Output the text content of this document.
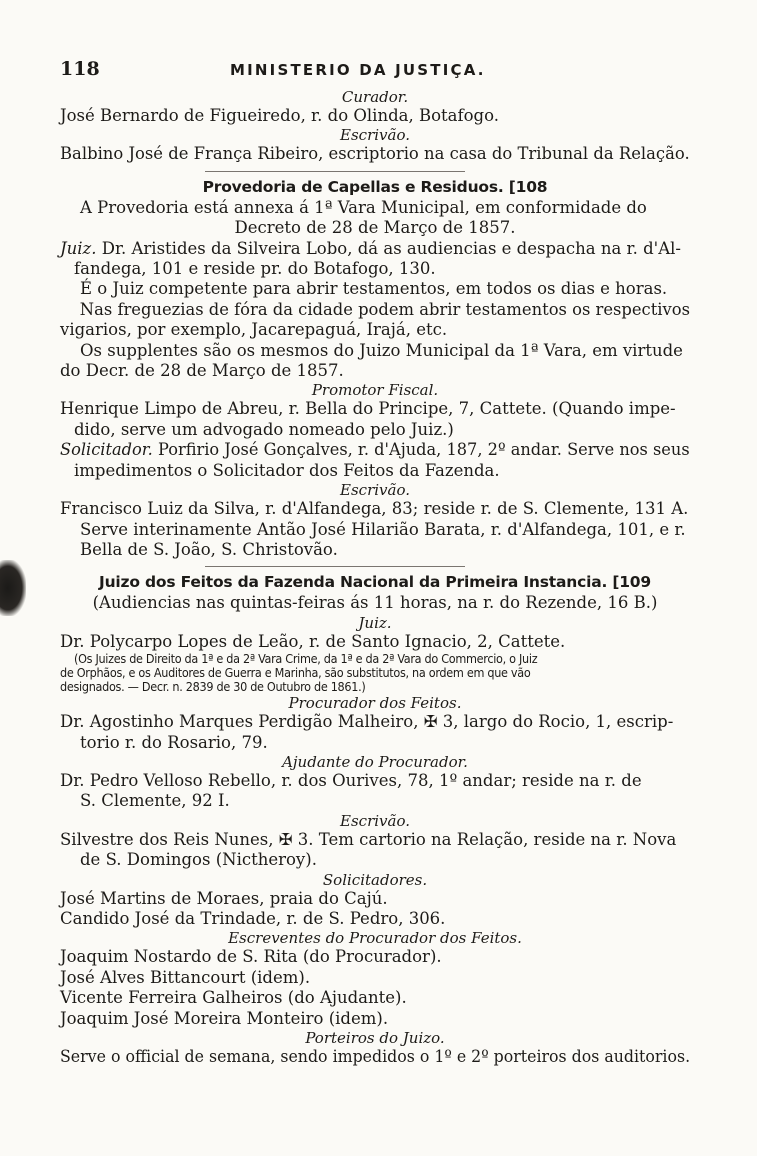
118	MINISTERIO DA JUSTIÇA.
Curador.
José Bernardo de Figueiredo, r. do Olinda, Botafogo.
Escrivão.
Balbino José de França Ribeiro, escriptorio na casa do Tribunal da Relação.
Provedoria de Capellas e Residuos. [108
A Provedoria está annexa á 1ª Vara Municipal, em conformidade do
Decreto de 28 de Março de 1857.
Juiz. Dr. Aristides da Silveira Lobo, dá as audiencias e despacha na r. d'Al-
fandega, 101 e reside pr. do Botafogo, 130.
É o Juiz competente para abrir testamentos, em todos os dias e horas.
Nas freguezias de fóra da cidade podem abrir testamentos os respectivos
vigarios, por exemplo, Jacarepaguá, Irajá, etc.
Os supplentes são os mesmos do Juizo Municipal da 1ª Vara, em virtude
do Decr. de 28 de Março de 1857.
Promotor Fiscal.
Henrique Limpo de Abreu, r. Bella do Principe, 7, Cattete. (Quando impe-
dido, serve um advogado nomeado pelo Juiz.)
Solicitador. Porfirio José Gonçalves, r. d'Ajuda, 187, 2º andar. Serve nos seus
impedimentos o Solicitador dos Feitos da Fazenda.
Escrivão.
Francisco Luiz da Silva, r. d'Alfandega, 83; reside r. de S. Clemente, 131 A.
Serve interinamente Antão José Hilarião Barata, r. d'Alfandega, 101, e r.
Bella de S. João, S. Christovão.
Juizo dos Feitos da Fazenda Nacional da Primeira Instancia. [109
(Audiencias nas quintas-feiras ás 11 horas, na r. do Rezende, 16 B.)
Juiz.
Dr. Polycarpo Lopes de Leão, r. de Santo Ignacio, 2, Cattete.
(Os Juizes de Direito da 1ª e da 2ª Vara Crime, da 1ª e da 2ª Vara do Commercio, o Juiz
de Orphãos, e os Auditores de Guerra e Marinha, são substitutos, na ordem em que vão
designados. — Decr. n. 2839 de 30 de Outubro de 1861.)
Procurador dos Feitos.
Dr. Agostinho Marques Perdigão Malheiro, ✠ 3, largo do Rocio, 1, escrip-
torio r. do Rosario, 79.
Ajudante do Procurador.
Dr. Pedro Velloso Rebello, r. dos Ourives, 78, 1º andar; reside na r. de
S. Clemente, 92 I.
Escrivão.
Silvestre dos Reis Nunes, ✠ 3. Tem cartorio na Relação, reside na r. Nova
de S. Domingos (Nictheroy).
Solicitadores.
José Martins de Moraes, praia do Cajú.
Candido José da Trindade, r. de S. Pedro, 306.
Escreventes do Procurador dos Feitos.
Joaquim Nostardo de S. Rita (do Procurador).
José Alves Bittancourt (idem).
Vicente Ferreira Galheiros (do Ajudante).
Joaquim José Moreira Monteiro (idem).
Porteiros do Juizo.
Serve o official de semana, sendo impedidos o 1º e 2º porteiros dos auditorios.
